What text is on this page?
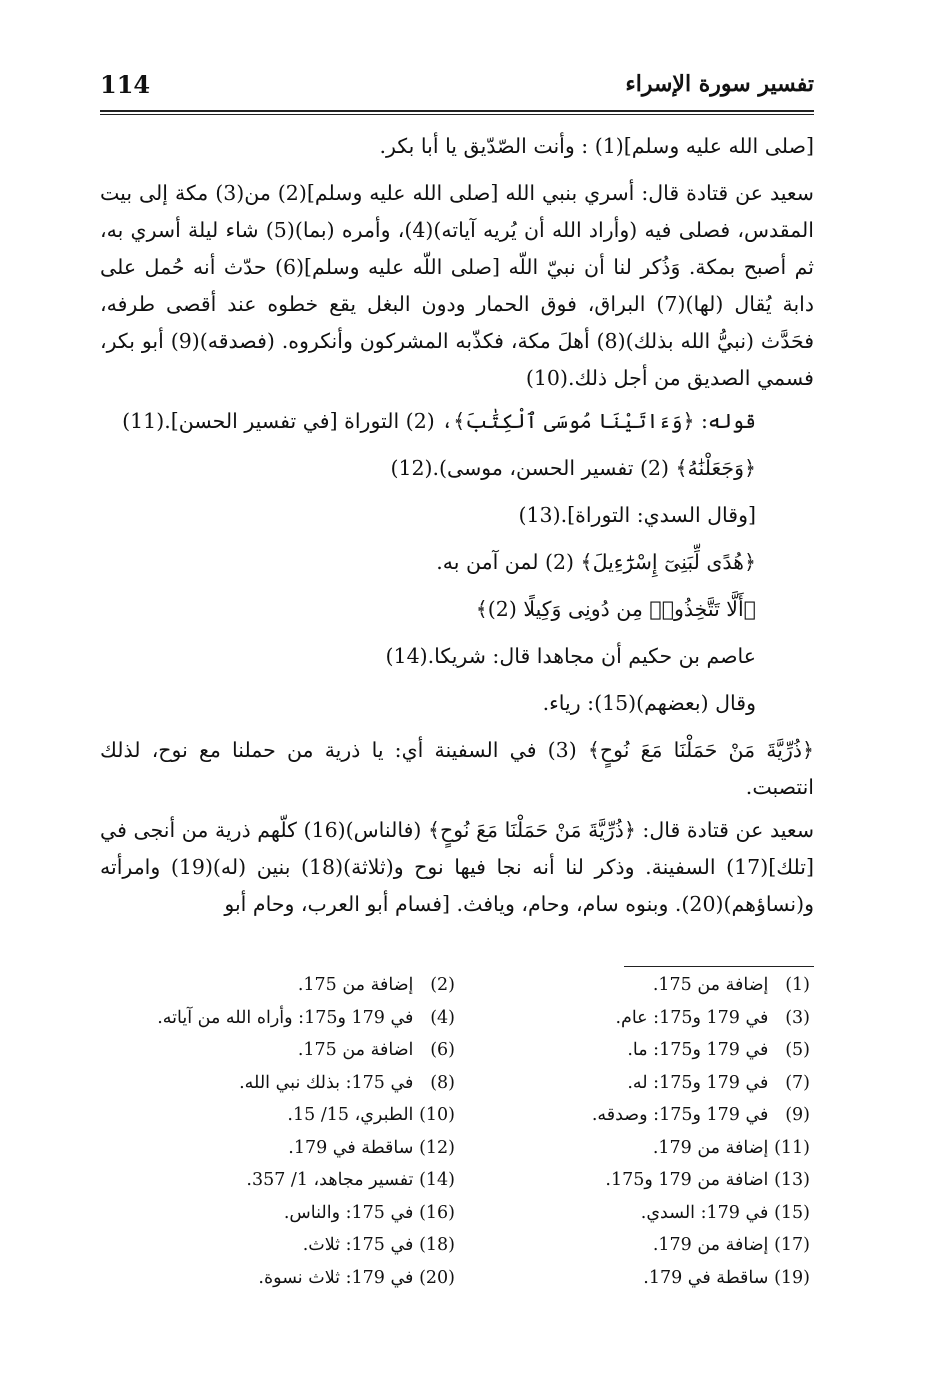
114	تفسير سورة الإسراء

[صلى الله عليه وسلم](1) : وأنت الصّدّيق يا أبا بكر.

سعيد عن قتادة قال: أسري بنبي الله [صلى الله عليه وسلم](2) من(3) مكة إلى بيت المقدس، فصلى فيه (وأراد الله أن يُريه آياته)(4)، وأمره (بما)(5) شاء ليلة أسري به، ثم أصبح بمكة. وَذُكر لنا أن نبيّ اللّه [صلى اللّه عليه وسلم](6) حدّث أنه حُمل على دابة يُقال (لها)(7) البراق، فوق الحمار ودون البغل يقع خطوه عند أقصى طرفه، فحَدَّث (نبيُّ الله بذلك)(8) أهلَ مكة، فكذّبه المشركون وأنكروه. (فصدقه)(9) أبو بكر، فسمي الصديق من أجل ذلك.(10)

قوله: ﴿وَءَاتَيْنَا مُوسَى ٱلْكِتَٰبَ﴾، (2) التوراة [في تفسير الحسن].(11)

﴿وَجَعَلْنَٰهُ﴾ (2) تفسير الحسن، موسى).(12)

[وقال السدي: التوراة].(13)

﴿هُدًى لِّبَنِىٓ إِسْرَٰٓءِيلَ﴾ (2) لمن آمن به.

﴿أَلَّا تَتَّخِذُوا۟ مِن دُونِى وَكِيلًا (2)﴾

عاصم بن حكيم أن مجاهدا قال: شريكا.(14)

وقال (بعضهم)(15): رياء.

﴿ذُرِّيَّةَ مَنْ حَمَلْنَا مَعَ نُوحٍ﴾ (3) في السفينة أي: يا ذرية من حملنا مع نوح، لذلك انتصبت.

سعيد عن قتادة قال: ﴿ذُرِّيَّةَ مَنْ حَمَلْنَا مَعَ نُوحٍ﴾ (فالناس)(16) كلّهم ذرية من أنجى في [تلك](17) السفينة. وذكر لنا أنه نجا فيها نوح و(ثلاثة)(18) بنين (له)(19) وامرأته و(نساؤهم)(20). وبنوه سام، وحام، ويافث. [فسام أبو العرب، وحام أبو

(1) إضافة من 175.
(2) إضافة من 175.
(3) في 179 و175: عام.
(4) في 179 و175: وأراه الله من آياته.
(5) في 179 و175: ما.
(6) اضافة من 175.
(7) في 179 و175: له.
(8) في 175: بذلك نبي الله.
(9) في 179 و175: وصدقه.
(10) الطبري، 15/ 15.
(11) إضافة من 179.
(12) ساقطة في 179.
(13) اضافة من 179 و175.
(14) تفسير مجاهد، 1/ 357.
(15) في 179: السدي.
(16) في 175: والناس.
(17) إضافة من 179.
(18) في 175: ثلاث.
(19) ساقطة في 179.
(20) في 179: ثلاث نسوة.
